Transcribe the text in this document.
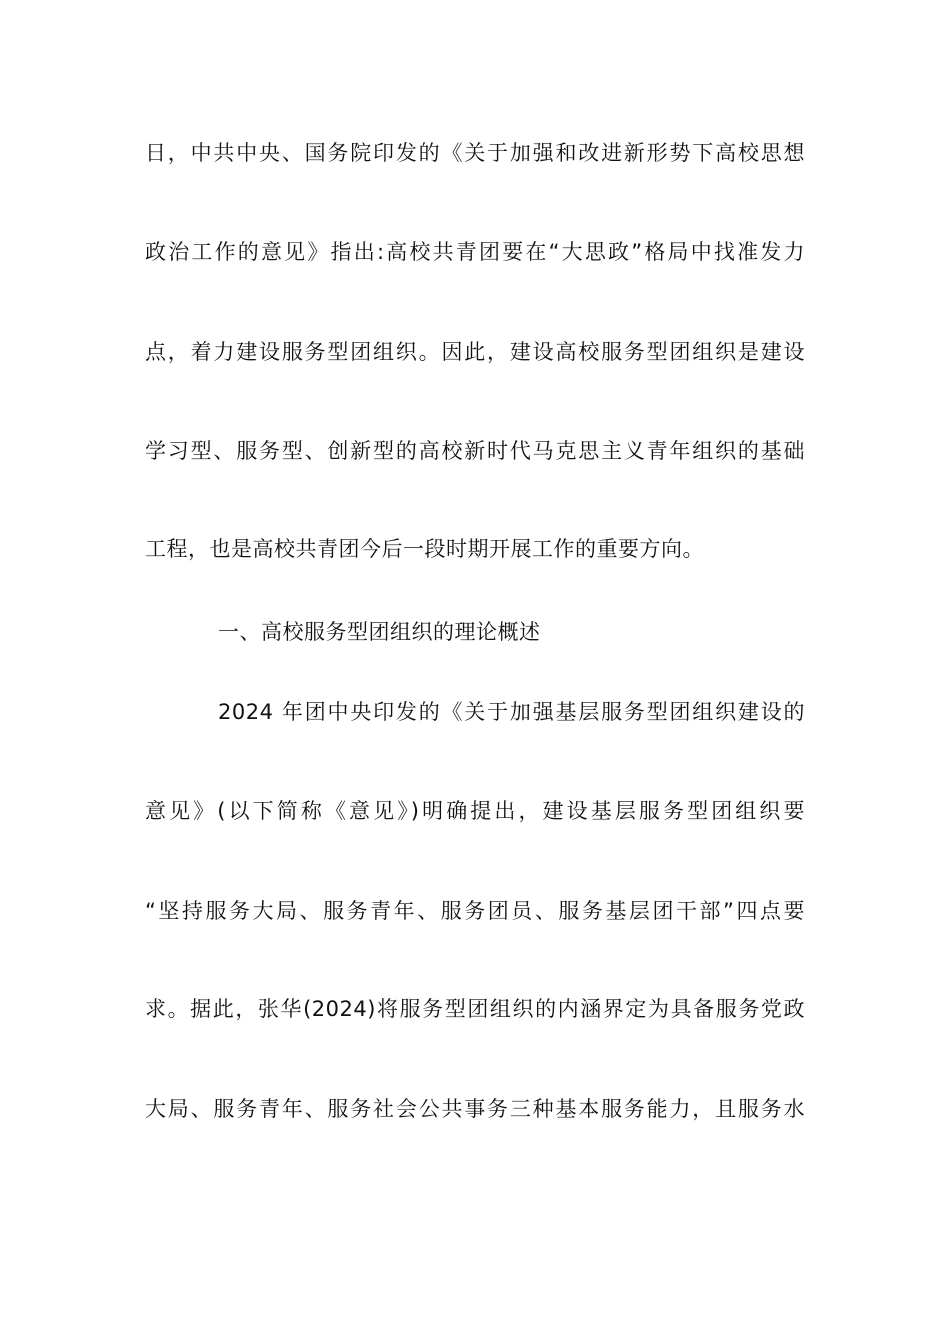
日，中共中央、国务院印发的《关于加强和改进新形势下高校思想
政治工作的意见》指出:高校共青团要在“大思政”格局中找准发力
点，着力建设服务型团组织。因此，建设高校服务型团组织是建设
学习型、服务型、创新型的高校新时代马克思主义青年组织的基础
工程，也是高校共青团今后一段时期开展工作的重要方向。
一、高校服务型团组织的理论概述
2024 年团中央印发的《关于加强基层服务型团组织建设的
意见》(以下简称《意见》)明确提出，建设基层服务型团组织要
“坚持服务大局、服务青年、服务团员、服务基层团干部”四点要
求。据此，张华(2024)将服务型团组织的内涵界定为具备服务党政
大局、服务青年、服务社会公共事务三种基本服务能力，且服务水
